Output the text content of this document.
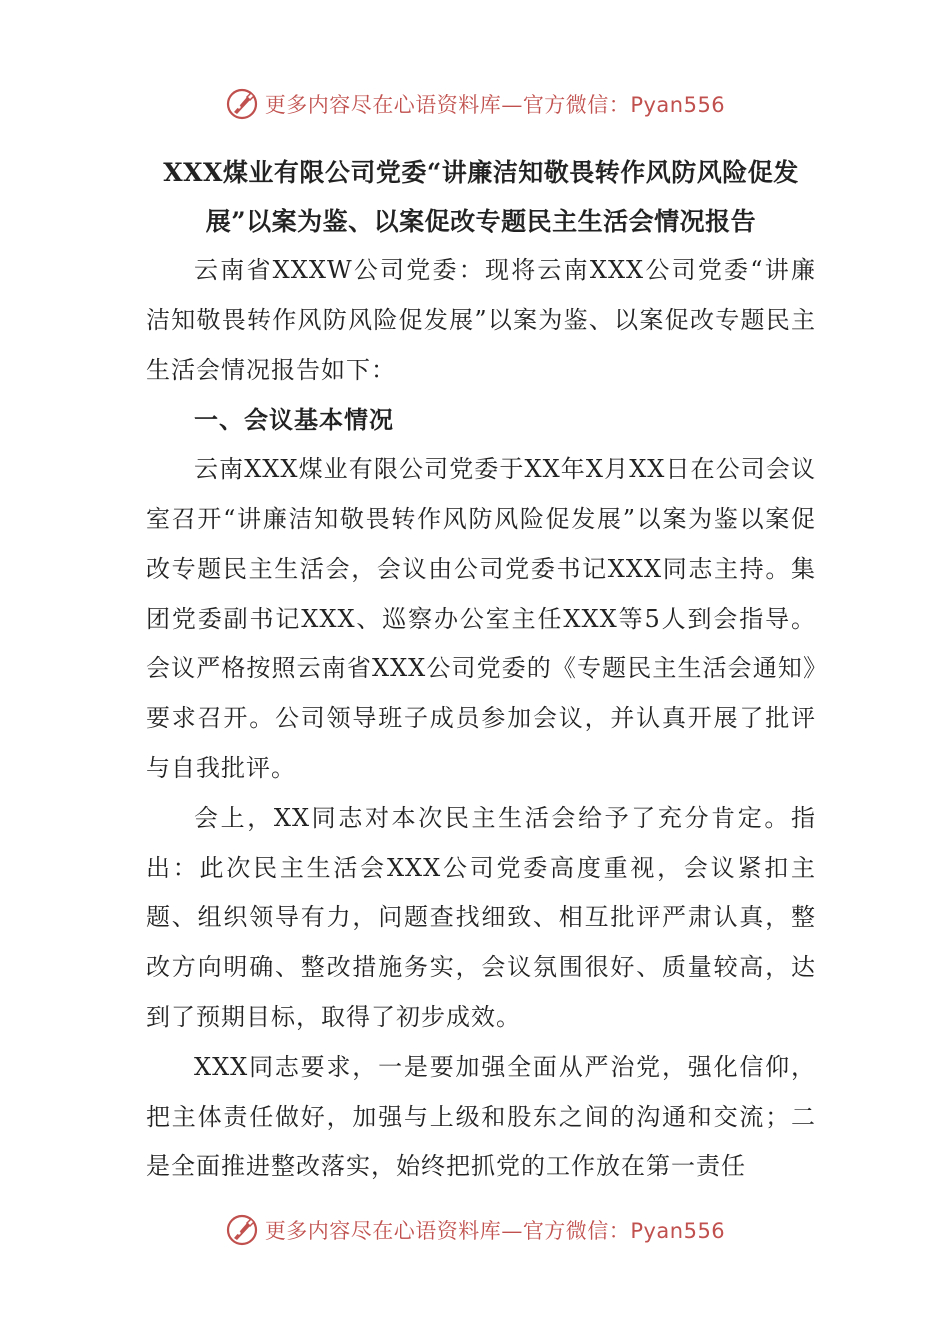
更多内容尽在心语资料库—官方微信：Pyan556

XXX煤业有限公司党委“讲廉洁知敬畏转作风防风险促发

展”以案为鉴、以案促改专题民主生活会情况报告

云南省XXXW公司党委：现将云南XXX公司党委“讲廉洁知敬畏转作风防风险促发展”以案为鉴、以案促改专题民主生活会情况报告如下：

一、会议基本情况

云南XXX煤业有限公司党委于XX年X月XX日在公司会议室召开“讲廉洁知敬畏转作风防风险促发展”以案为鉴以案促改专题民主生活会，会议由公司党委书记XXX同志主持。集团党委副书记XXX、巡察办公室主任XXX等5人到会指导。会议严格按照云南省XXX公司党委的《专题民主生活会通知》要求召开。公司领导班子成员参加会议，并认真开展了批评与自我批评。

会上，XX同志对本次民主生活会给予了充分肯定。指出：此次民主生活会XXX公司党委高度重视，会议紧扣主题、组织领导有力，问题查找细致、相互批评严肃认真，整改方向明确、整改措施务实，会议氛围很好、质量较高，达到了预期目标，取得了初步成效。

XXX同志要求，一是要加强全面从严治党，强化信仰，把主体责任做好，加强与上级和股东之间的沟通和交流；二是全面推进整改落实，始终把抓党的工作放在第一责任

更多内容尽在心语资料库—官方微信：Pyan556
